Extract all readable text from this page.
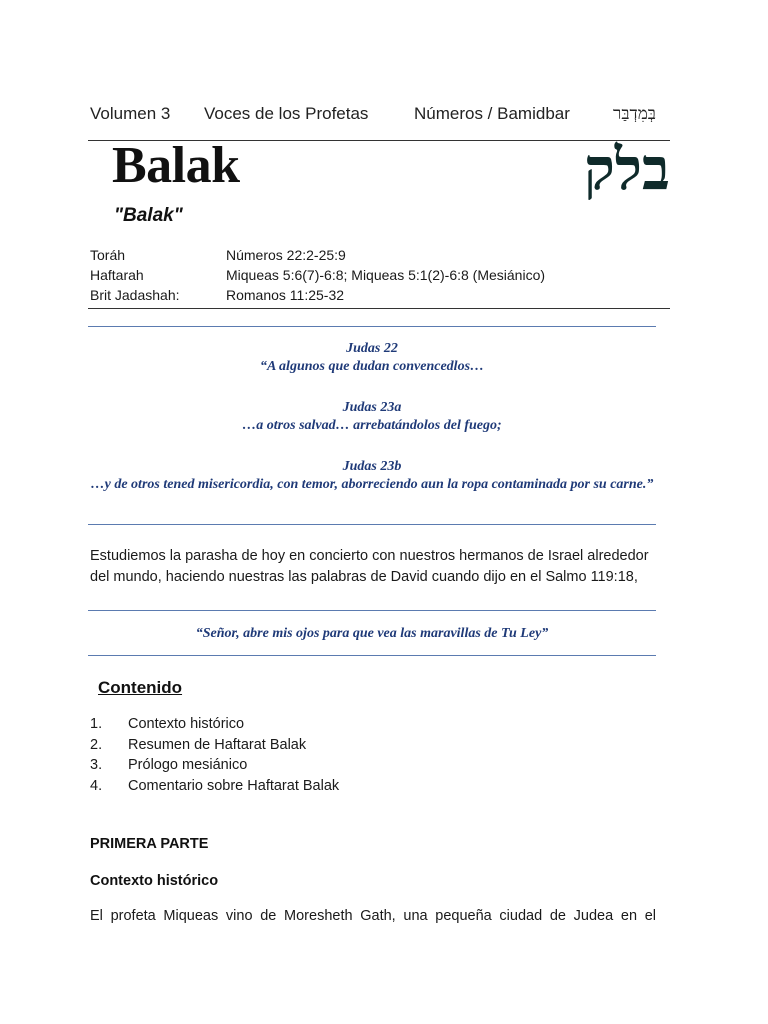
Volumen 3 Voces de los Profetas	Números / Bamidbar	בְּמִדְבַּר
Balak
"Balak"
בלק
Toráh	Números 22:2-25:9
Haftarah	Miqueas 5:6(7)-6:8; Miqueas 5:1(2)-6:8 (Mesiánico)
Brit Jadashah:	Romanos 11:25-32
Judas 22
“A algunos que dudan convencedlos…
Judas 23a
…a otros salvad… arrebatándolos del fuego;
Judas 23b
…y de otros tened misericordia, con temor, aborreciendo aun la ropa contaminada por su carne.”
Estudiemos la parasha de hoy en concierto con nuestros hermanos de Israel alrededor del mundo, haciendo nuestras las palabras de David cuando dijo en el Salmo 119:18,
“Señor, abre mis ojos para que vea las maravillas de Tu Ley”
Contenido
1. Contexto histórico
2. Resumen de Haftarat Balak
3. Prólogo mesiánico
4. Comentario sobre Haftarat Balak
PRIMERA PARTE
Contexto histórico
El profeta Miqueas vino de Moresheth Gath, una pequeña ciudad de Judea en el
